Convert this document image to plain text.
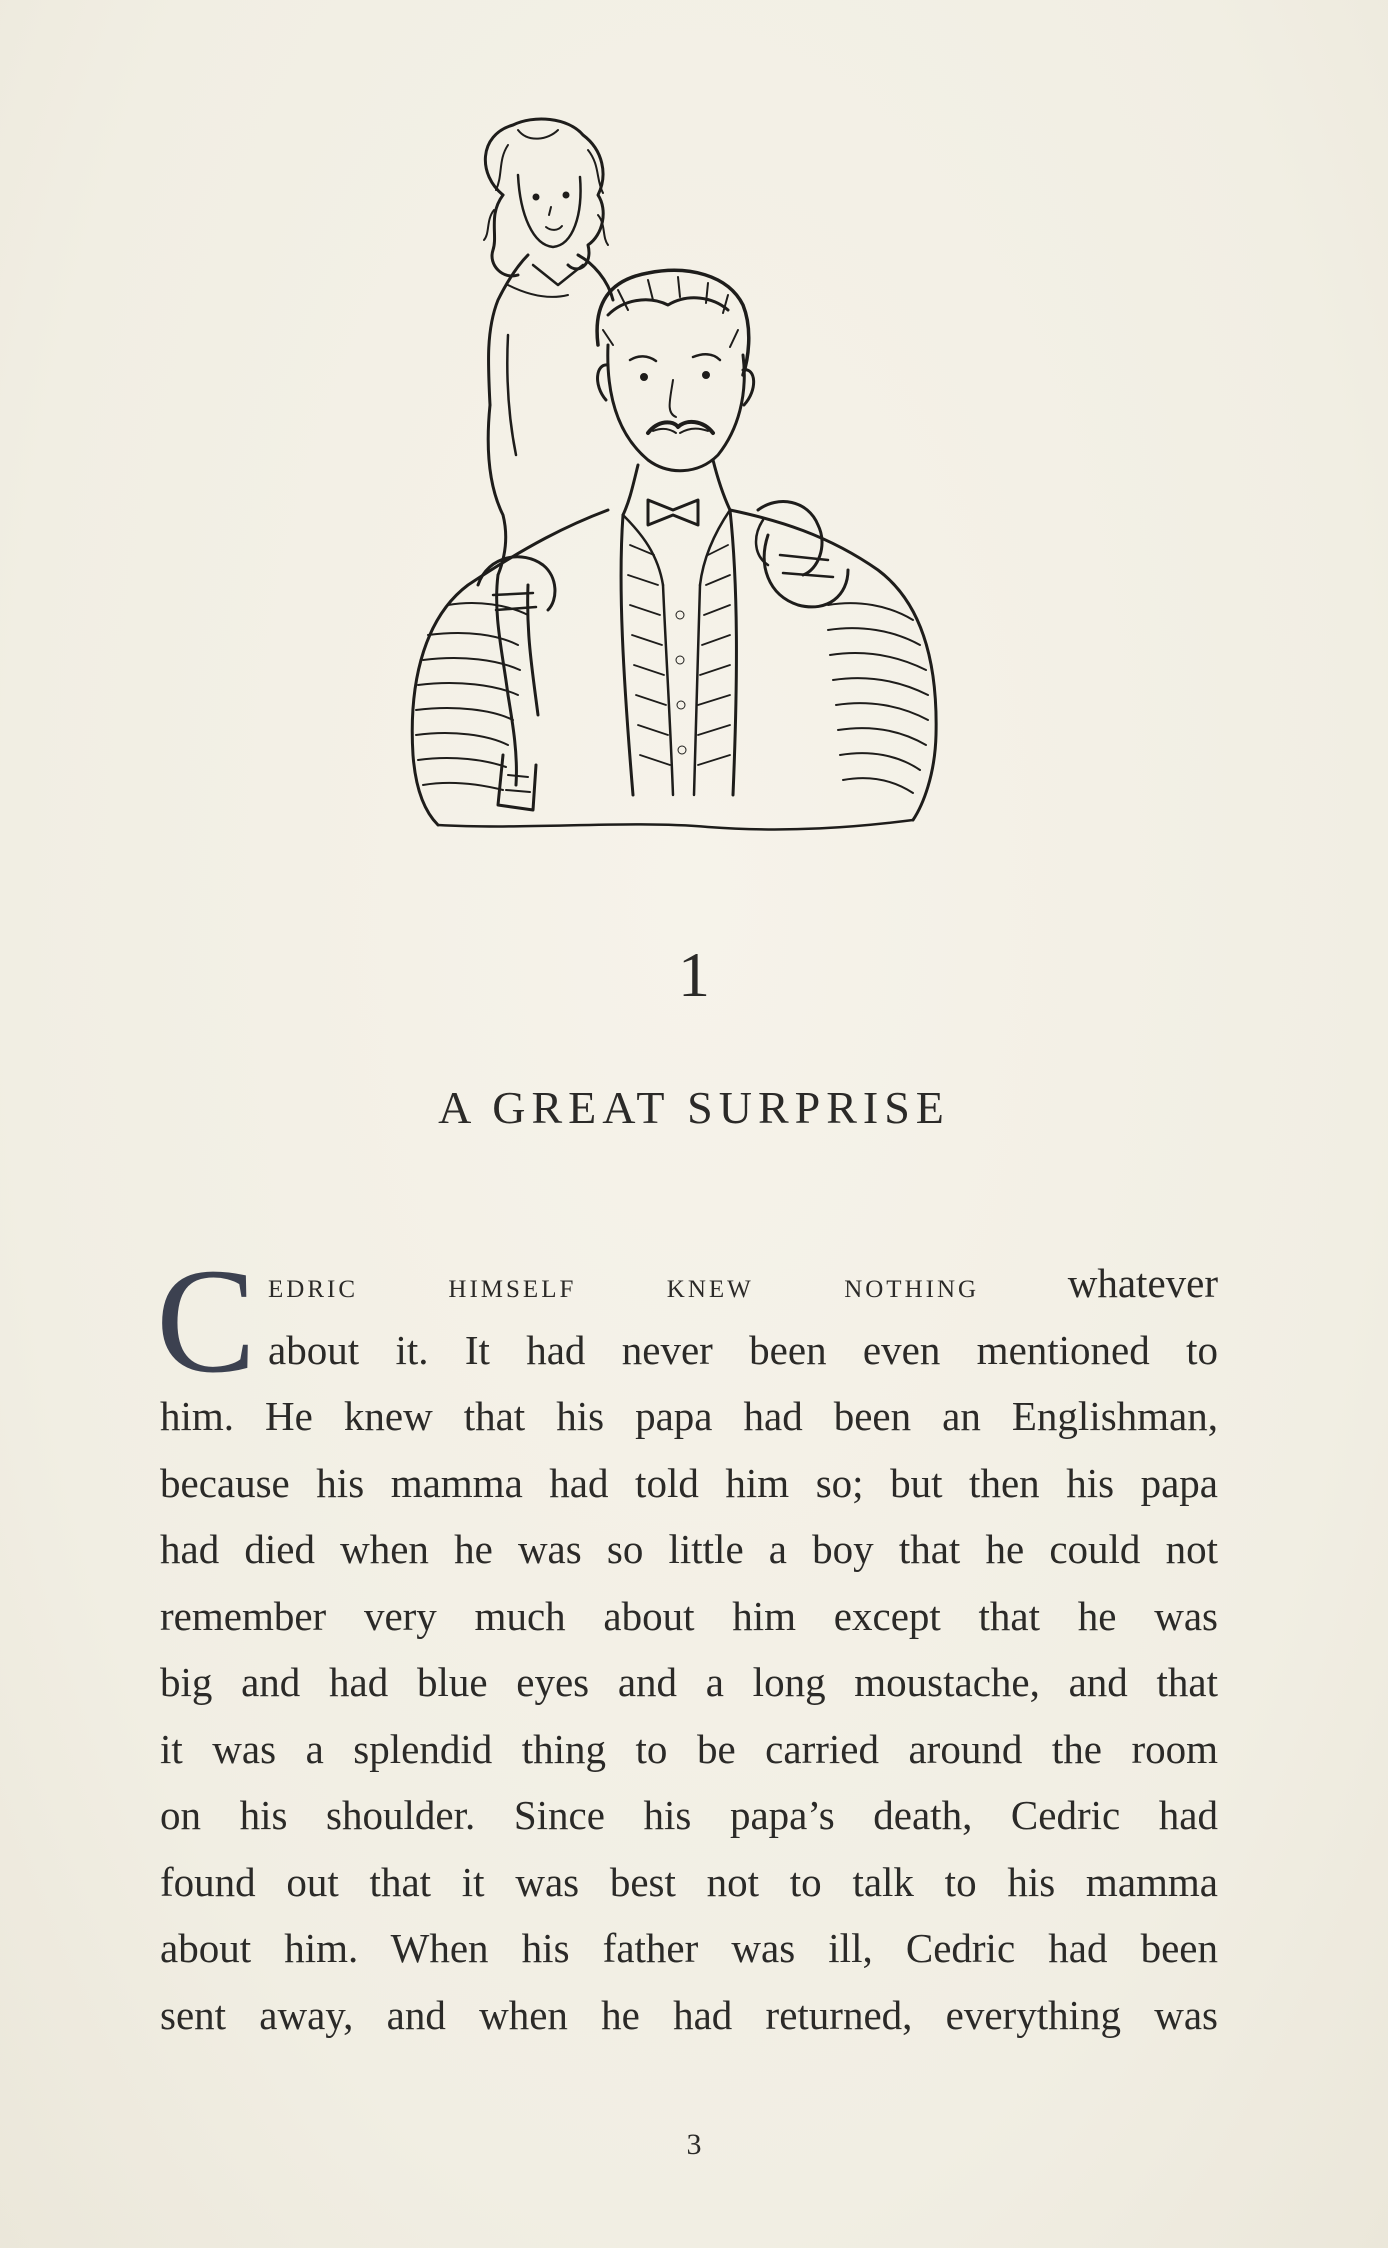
1
A GREAT SURPRISE
C edric himself knew nothing whatever
about it. It had never been even mentioned to
him. He knew that his papa had been an Englishman,
because his mamma had told him so; but then his papa
had died when he was so little a boy that he could not
remember very much about him except that he was
big and had blue eyes and a long moustache, and that
it was a splendid thing to be carried around the room
on his shoulder. Since his papa’s death, Cedric had
found out that it was best not to talk to his mamma
about him. When his father was ill, Cedric had been
sent away, and when he had returned, everything was
3
